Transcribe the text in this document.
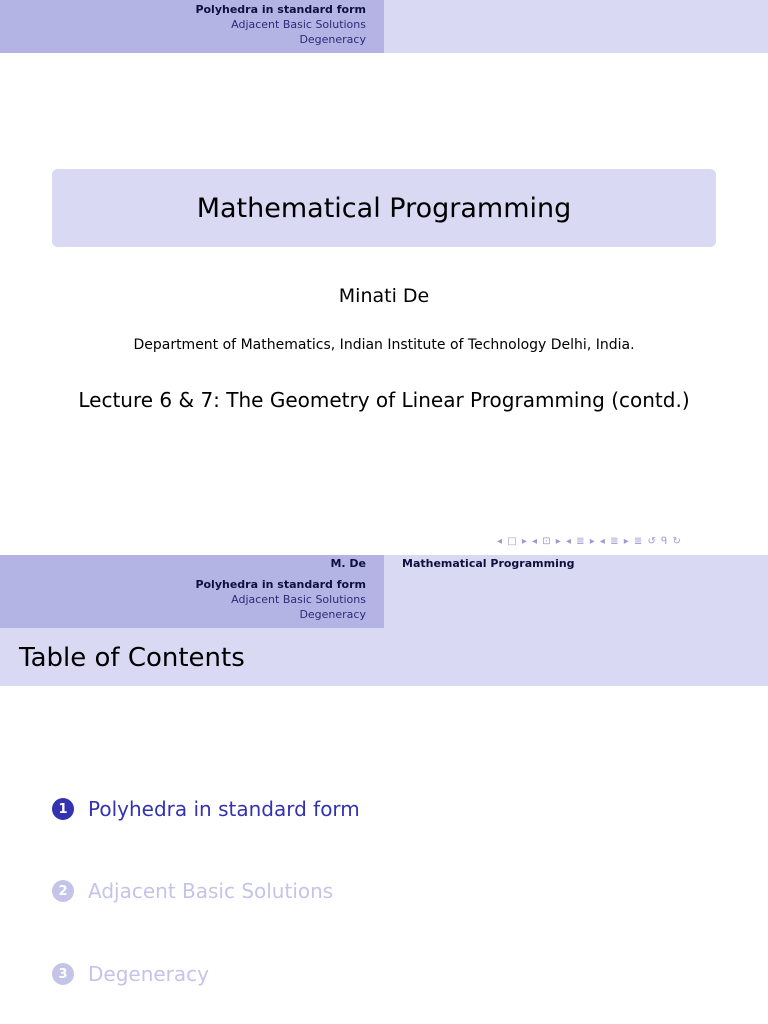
Polyhedra in standard form
Adjacent Basic Solutions
Degeneracy
Mathematical Programming
Minati De
Department of Mathematics, Indian Institute of Technology Delhi, India.
Lecture 6 & 7: The Geometry of Linear Programming (contd.)
◂ □ ▸ ◂ ⊡ ▸ ◂ ≣ ▸ ◂ ≣ ▸ ≣ ↺ ᑫ ↻
M. De	Mathematical Programming
Polyhedra in standard form
Adjacent Basic Solutions
Degeneracy
Table of Contents
1	Polyhedra in standard form
2	Adjacent Basic Solutions
3	Degeneracy
